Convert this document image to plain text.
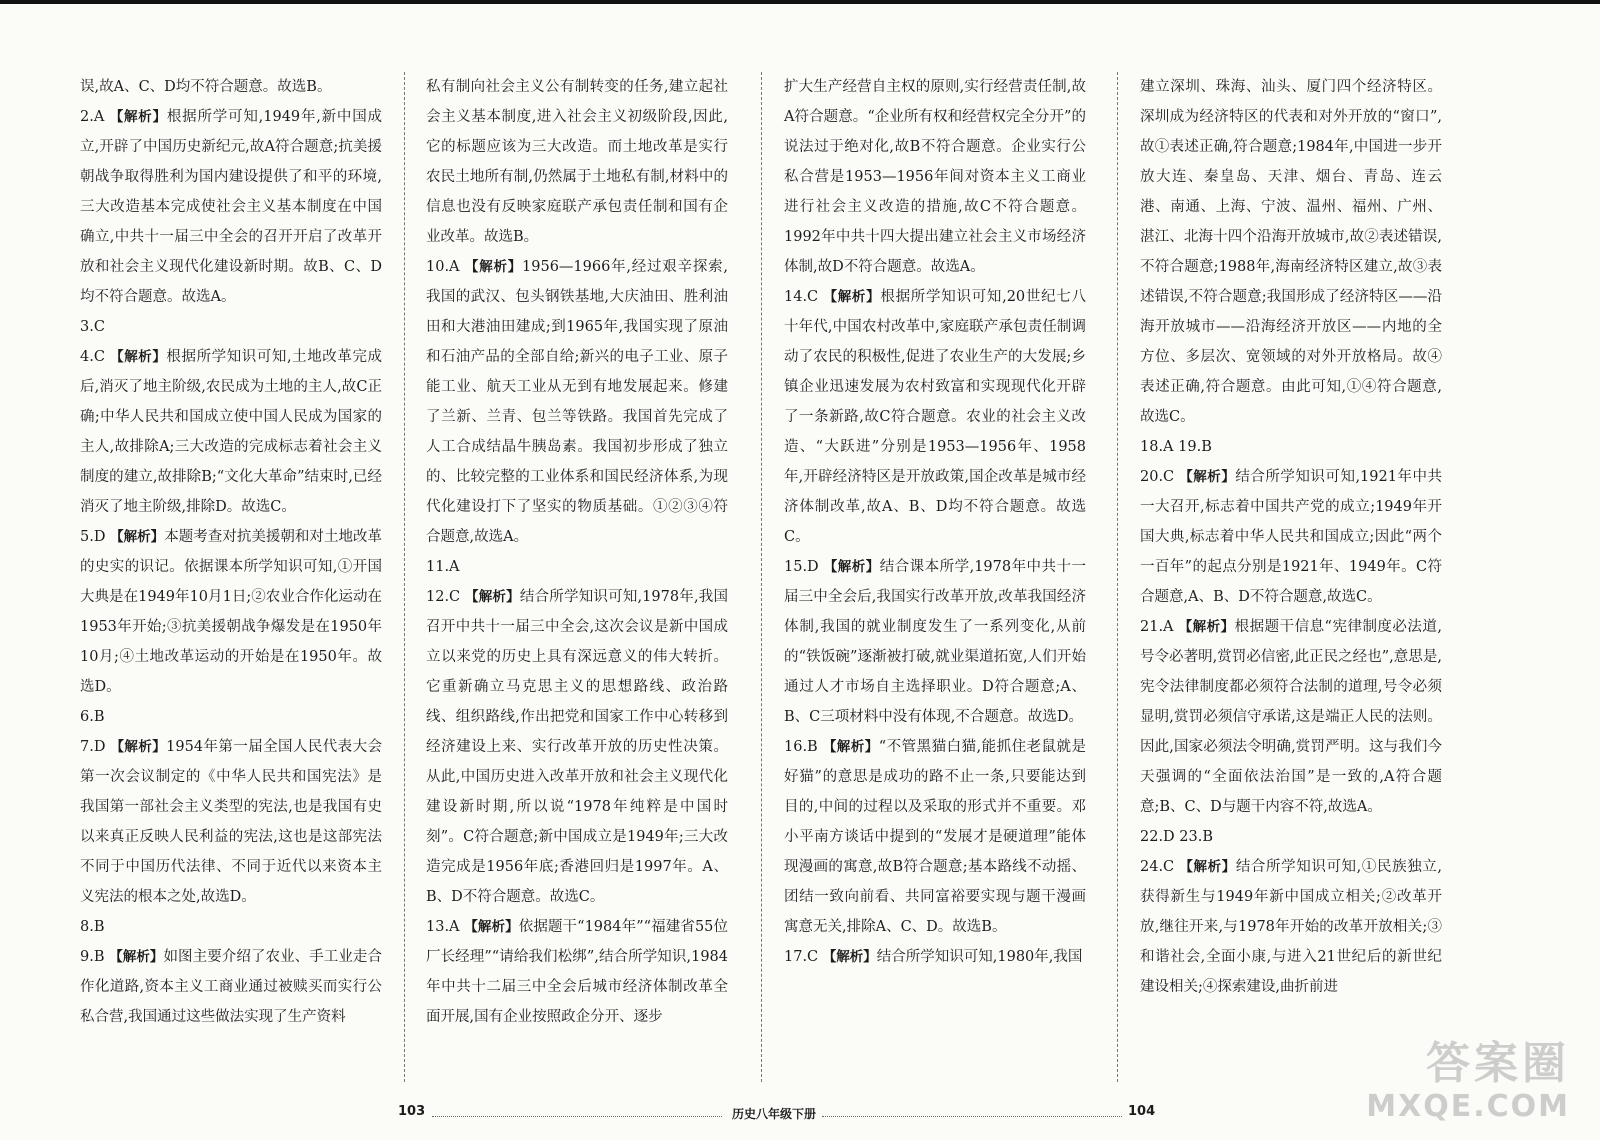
误,故A、C、D均不符合题意。故选B。

2.A 【解析】根据所学可知,1949年,新中国成立,开辟了中国历史新纪元,故A符合题意;抗美援朝战争取得胜利为国内建设提供了和平的环境,三大改造基本完成使社会主义基本制度在中国确立,中共十一届三中全会的召开开启了改革开放和社会主义现代化建设新时期。故B、C、D均不符合题意。故选A。

3.C

4.C 【解析】根据所学知识可知,土地改革完成后,消灭了地主阶级,农民成为土地的主人,故C正确;中华人民共和国成立使中国人民成为国家的主人,故排除A;三大改造的完成标志着社会主义制度的建立,故排除B;“文化大革命”结束时,已经消灭了地主阶级,排除D。故选C。

5.D 【解析】本题考查对抗美援朝和对土地改革的史实的识记。依据课本所学知识可知,①开国大典是在1949年10月1日;②农业合作化运动在1953年开始;③抗美援朝战争爆发是在1950年10月;④土地改革运动的开始是在1950年。故选D。

6.B

7.D 【解析】1954年第一届全国人民代表大会第一次会议制定的《中华人民共和国宪法》是我国第一部社会主义类型的宪法,也是我国有史以来真正反映人民利益的宪法,这也是这部宪法不同于中国历代法律、不同于近代以来资本主义宪法的根本之处,故选D。

8.B

9.B 【解析】如图主要介绍了农业、手工业走合作化道路,资本主义工商业通过被赎买而实行公私合营,我国通过这些做法实现了生产资料

私有制向社会主义公有制转变的任务,建立起社会主义基本制度,进入社会主义初级阶段,因此,它的标题应该为三大改造。而土地改革是实行农民土地所有制,仍然属于土地私有制,材料中的信息也没有反映家庭联产承包责任制和国有企业改革。故选B。

10.A 【解析】1956—1966年,经过艰辛探索,我国的武汉、包头钢铁基地,大庆油田、胜利油田和大港油田建成;到1965年,我国实现了原油和石油产品的全部自给;新兴的电子工业、原子能工业、航天工业从无到有地发展起来。修建了兰新、兰青、包兰等铁路。我国首先完成了人工合成结晶牛胰岛素。我国初步形成了独立的、比较完整的工业体系和国民经济体系,为现代化建设打下了坚实的物质基础。①②③④符合题意,故选A。

11.A

12.C 【解析】结合所学知识可知,1978年,我国召开中共十一届三中全会,这次会议是新中国成立以来党的历史上具有深远意义的伟大转折。它重新确立马克思主义的思想路线、政治路线、组织路线,作出把党和国家工作中心转移到经济建设上来、实行改革开放的历史性决策。从此,中国历史进入改革开放和社会主义现代化建设新时期,所以说“1978年纯粹是中国时刻”。C符合题意;新中国成立是1949年;三大改造完成是1956年底;香港回归是1997年。A、B、D不符合题意。故选C。

13.A 【解析】依据题干“1984年”“福建省55位厂长经理”“请给我们松绑”,结合所学知识,1984年中共十二届三中全会后城市经济体制改革全面开展,国有企业按照政企分开、逐步

扩大生产经营自主权的原则,实行经营责任制,故A符合题意。“企业所有权和经营权完全分开”的说法过于绝对化,故B不符合题意。企业实行公私合营是1953—1956年间对资本主义工商业进行社会主义改造的措施,故C不符合题意。1992年中共十四大提出建立社会主义市场经济体制,故D不符合题意。故选A。

14.C 【解析】根据所学知识可知,20世纪七八十年代,中国农村改革中,家庭联产承包责任制调动了农民的积极性,促进了农业生产的大发展;乡镇企业迅速发展为农村致富和实现现代化开辟了一条新路,故C符合题意。农业的社会主义改造、“大跃进”分别是1953—1956年、1958年,开辟经济特区是开放政策,国企改革是城市经济体制改革,故A、B、D均不符合题意。故选C。

15.D 【解析】结合课本所学,1978年中共十一届三中全会后,我国实行改革开放,改革我国经济体制,我国的就业制度发生了一系列变化,从前的“铁饭碗”逐渐被打破,就业渠道拓宽,人们开始通过人才市场自主选择职业。D符合题意;A、B、C三项材料中没有体现,不合题意。故选D。

16.B 【解析】“不管黑猫白猫,能抓住老鼠就是好猫”的意思是成功的路不止一条,只要能达到目的,中间的过程以及采取的形式并不重要。邓小平南方谈话中提到的“发展才是硬道理”能体现漫画的寓意,故B符合题意;基本路线不动摇、团结一致向前看、共同富裕要实现与题干漫画寓意无关,排除A、C、D。故选B。

17.C 【解析】结合所学知识可知,1980年,我国

建立深圳、珠海、汕头、厦门四个经济特区。深圳成为经济特区的代表和对外开放的“窗口”,故①表述正确,符合题意;1984年,中国进一步开放大连、秦皇岛、天津、烟台、青岛、连云港、南通、上海、宁波、温州、福州、广州、湛江、北海十四个沿海开放城市,故②表述错误,不符合题意;1988年,海南经济特区建立,故③表述错误,不符合题意;我国形成了经济特区——沿海开放城市——沿海经济开放区——内地的全方位、多层次、宽领域的对外开放格局。故④表述正确,符合题意。由此可知,①④符合题意,故选C。

18.A 19.B

20.C 【解析】结合所学知识可知,1921年中共一大召开,标志着中国共产党的成立;1949年开国大典,标志着中华人民共和国成立;因此“两个一百年”的起点分别是1921年、1949年。C符合题意,A、B、D不符合题意,故选C。

21.A 【解析】根据题干信息“宪律制度必法道,号令必著明,赏罚必信密,此正民之经也”,意思是,宪令法律制度都必须符合法制的道理,号令必须显明,赏罚必须信守承诺,这是端正人民的法则。因此,国家必须法令明确,赏罚严明。这与我们今天强调的“全面依法治国”是一致的,A符合题意;B、C、D与题干内容不符,故选A。

22.D 23.B

24.C 【解析】结合所学知识可知,①民族独立,获得新生与1949年新中国成立相关;②改革开放,继往开来,与1978年开始的改革开放相关;③和谐社会,全面小康,与进入21世纪后的新世纪建设相关;④探索建设,曲折前进

103	历史八年级下册	104
答案圈
MXQE.COM
